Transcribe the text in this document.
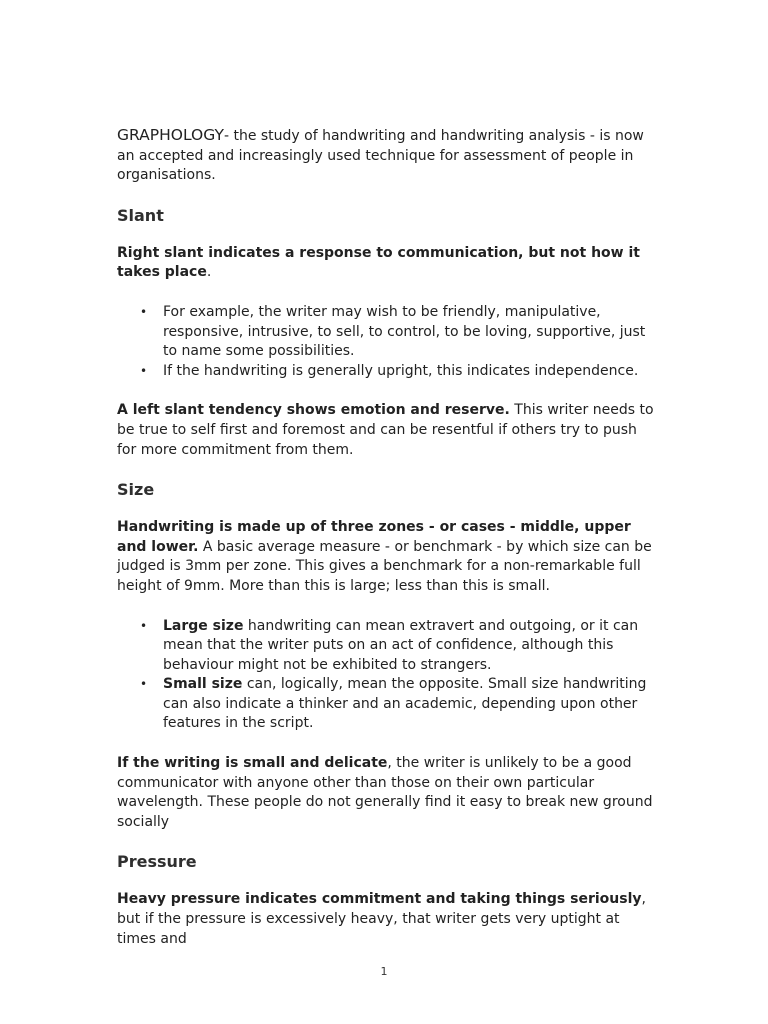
GRAPHOLOGY- the study of handwriting and handwriting analysis - is now an accepted and increasingly used technique for assessment of people in organisations.

Slant

Right slant indicates a response to communication, but not how it takes place.

• For example, the writer may wish to be friendly, manipulative, responsive, intrusive, to sell, to control, to be loving, supportive, just to name some possibilities.
• If the handwriting is generally upright, this indicates independence.

A left slant tendency shows emotion and reserve. This writer needs to be true to self first and foremost and can be resentful if others try to push for more commitment from them.

Size

Handwriting is made up of three zones - or cases - middle, upper and lower. A basic average measure - or benchmark - by which size can be judged is 3mm per zone. This gives a benchmark for a non-remarkable full height of 9mm. More than this is large; less than this is small.

• Large size handwriting can mean extravert and outgoing, or it can mean that the writer puts on an act of confidence, although this behaviour might not be exhibited to strangers.
• Small size can, logically, mean the opposite. Small size handwriting can also indicate a thinker and an academic, depending upon other features in the script.

If the writing is small and delicate, the writer is unlikely to be a good communicator with anyone other than those on their own particular wavelength. These people do not generally find it easy to break new ground socially

Pressure

Heavy pressure indicates commitment and taking things seriously, but if the pressure is excessively heavy, that writer gets very uptight at times and

1
